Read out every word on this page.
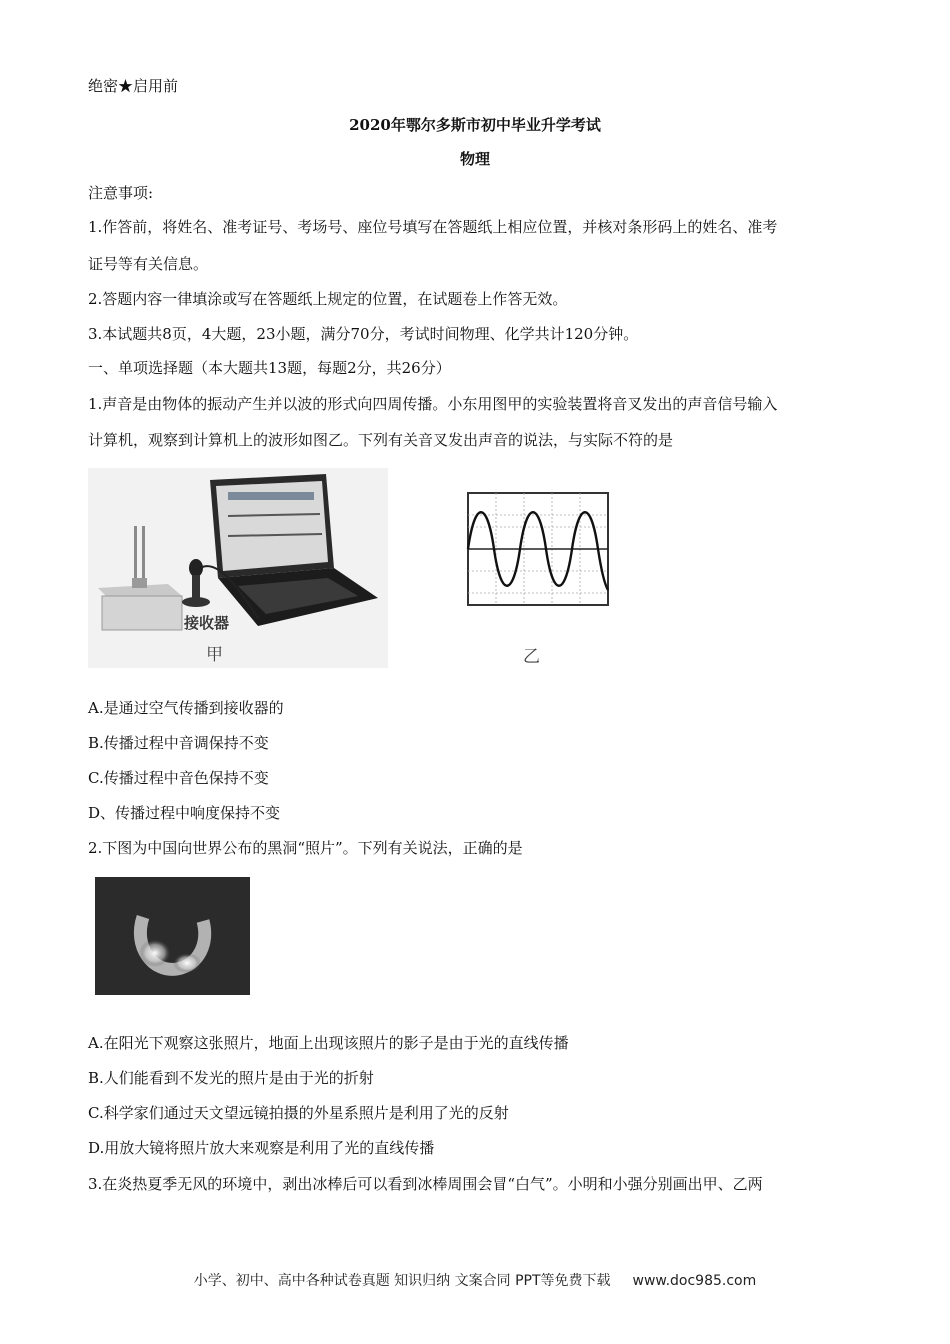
绝密★启用前
2020年鄂尔多斯市初中毕业升学考试
物理
注意事项:
1.作答前，将姓名、准考证号、考场号、座位号填写在答题纸上相应位置，并核对条形码上的姓名、准考
证号等有关信息。
2.答题内容一律填涂或写在答题纸上规定的位置，在试题卷上作答无效。
3.本试题共8页，4大题，23小题，满分70分，考试时间物理、化学共计120分钟。
一、单项选择题（本大题共13题，每题2分，共26分）
1.声音是由物体的振动产生并以波的形式向四周传播。小东用图甲的实验装置将音叉发出的声音信号输入
计算机，观察到计算机上的波形如图乙。下列有关音叉发出声音的说法，与实际不符的是
接收器
甲	乙
A.是通过空气传播到接收器的
B.传播过程中音调保持不变
C.传播过程中音色保持不变
D、传播过程中响度保持不变
2.下图为中国向世界公布的黑洞“照片”。下列有关说法，正确的是
A.在阳光下观察这张照片，地面上出现该照片的影子是由于光的直线传播
B.人们能看到不发光的照片是由于光的折射
C.科学家们通过天文望远镜拍摄的外星系照片是利用了光的反射
D.用放大镜将照片放大来观察是利用了光的直线传播
3.在炎热夏季无风的环境中，剥出冰棒后可以看到冰棒周围会冒“白气”。小明和小强分别画出甲、乙两
小学、初中、高中各种试卷真题 知识归纳 文案合同 PPT等免费下载 www.doc985.com
